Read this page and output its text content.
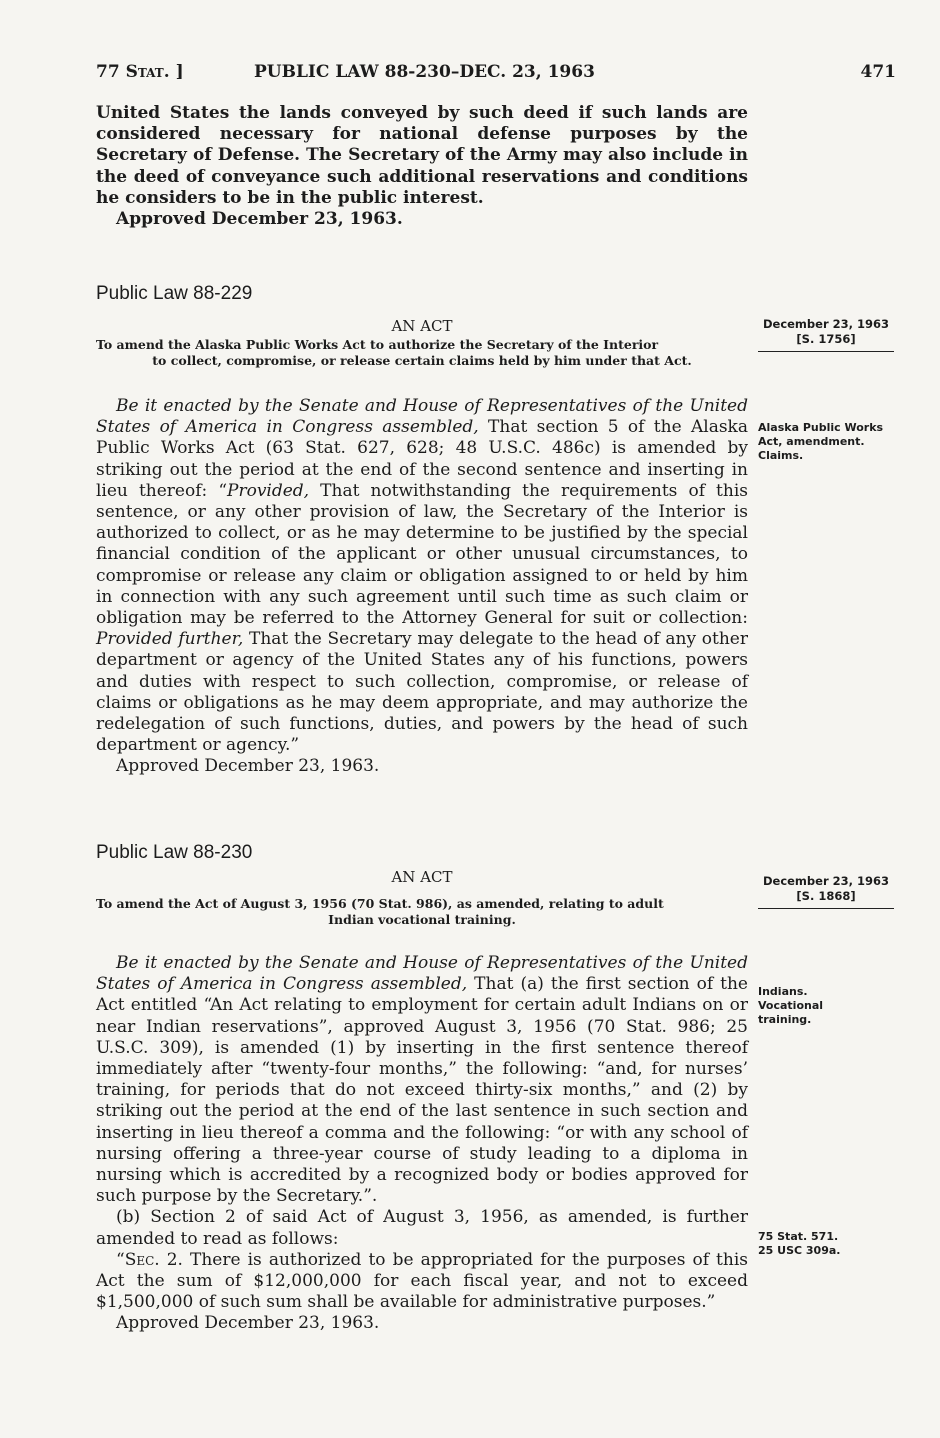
77 Stat. ]	PUBLIC LAW 88-230–DEC. 23, 1963	471

United States the lands conveyed by such deed if such lands are considered necessary for national defense purposes by the Secretary of Defense. The Secretary of the Army may also include in the deed of conveyance such additional reservations and conditions he considers to be in the public interest.

Approved December 23, 1963.

Public Law 88-229
AN ACT
To amend the Alaska Public Works Act to authorize the Secretary of the Interior
to collect, compromise, or release certain claims held by him under that Act.
December 23, 1963
[S. 1756]
Alaska Public Works Act, amendment. Claims.

Be it enacted by the Senate and House of Representatives of the United States of America in Congress assembled, That section 5 of the Alaska Public Works Act (63 Stat. 627, 628; 48 U.S.C. 486c) is amended by striking out the period at the end of the second sentence and inserting in lieu thereof: “Provided, That notwithstanding the requirements of this sentence, or any other provision of law, the Secretary of the Interior is authorized to collect, or as he may determine to be justified by the special financial condition of the applicant or other unusual circumstances, to compromise or release any claim or obligation assigned to or held by him in connection with any such agreement until such time as such claim or obligation may be referred to the Attorney General for suit or collection: Provided further, That the Secretary may delegate to the head of any other department or agency of the United States any of his functions, powers and duties with respect to such collection, compromise, or release of claims or obligations as he may deem appropriate, and may authorize the redelegation of such functions, duties, and powers by the head of such department or agency.”

Approved December 23, 1963.

Public Law 88-230
AN ACT
To amend the Act of August 3, 1956 (70 Stat. 986), as amended, relating to adult
Indian vocational training.
December 23, 1963
[S. 1868]
Indians. Vocational training.
75 Stat. 571.
25 USC 309a.

Be it enacted by the Senate and House of Representatives of the United States of America in Congress assembled, That (a) the first section of the Act entitled “An Act relating to employment for certain adult Indians on or near Indian reservations”, approved August 3, 1956 (70 Stat. 986; 25 U.S.C. 309), is amended (1) by inserting in the first sentence thereof immediately after “twenty-four months,” the following: “and, for nurses’ training, for periods that do not exceed thirty-six months,” and (2) by striking out the period at the end of the last sentence in such section and inserting in lieu thereof a comma and the following: “or with any school of nursing offering a three-year course of study leading to a diploma in nursing which is accredited by a recognized body or bodies approved for such purpose by the Secretary.”.

(b) Section 2 of said Act of August 3, 1956, as amended, is further amended to read as follows:

“Sec. 2. There is authorized to be appropriated for the purposes of this Act the sum of $12,000,000 for each fiscal year, and not to exceed $1,500,000 of such sum shall be available for administrative purposes.”

Approved December 23, 1963.
